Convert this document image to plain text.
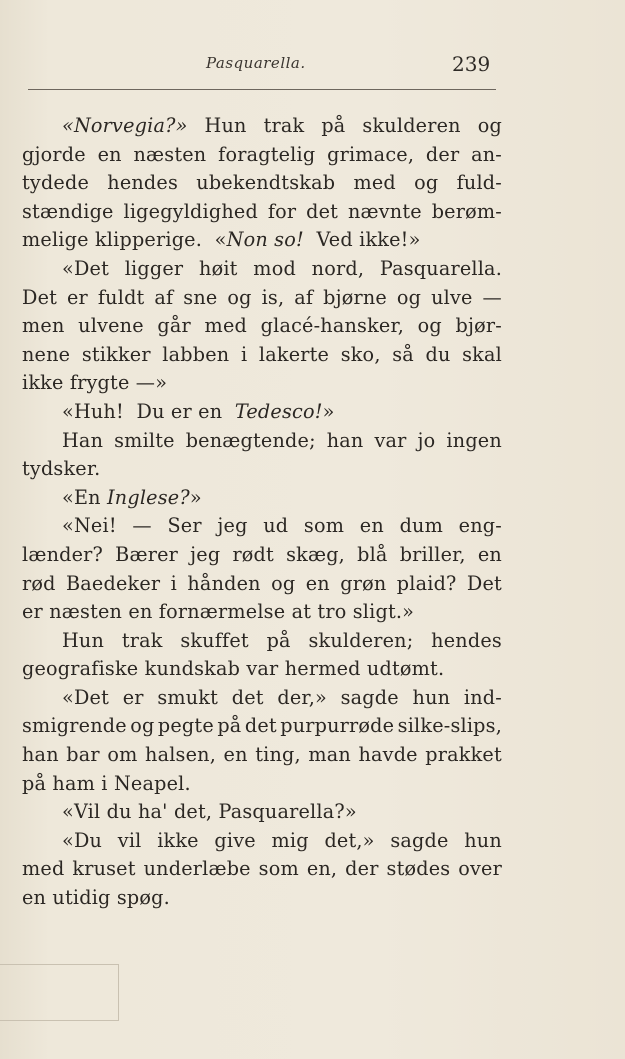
Pasquarella.	239
«Norvegia?» Hun trak på skulderen og
gjorde en næsten foragtelig grimace, der an-
tydede hendes ubekendtskab med og fuld-
stændige ligegyldighed for det nævnte berøm-
melige klipperige.  « Non so! Ved ikke!»
«Det ligger høit mod nord, Pasquarella.
Det er fuldt af sne og is, af bjørne og ulve —
men ulvene går med glacé-hansker, og bjør-
nene stikker labben i lakerte sko, så du skal
ikke frygte —»
«Huh!  Du er en Tedesco! »
Han smilte benægtende; han var jo ingen
tydsker.
«En Inglese? »
«Nei! — Ser jeg ud som en dum eng-
lænder? Bærer jeg rødt skæg, blå briller, en
rød Baedeker i hånden og en grøn plaid? Det
er næsten en fornærmelse at tro sligt.»
Hun trak skuffet på skulderen; hendes
geografiske kundskab var hermed udtømt.
«Det er smukt det der,» sagde hun ind-
smigrende og pegte på det purpurrøde silke-slips,
han bar om halsen, en ting, man havde prakket
på ham i Neapel.
«Vil du ha' det, Pasquarella?»
«Du vil ikke give mig det,» sagde hun
med kruset underlæbe som en, der stødes over
en utidig spøg.
